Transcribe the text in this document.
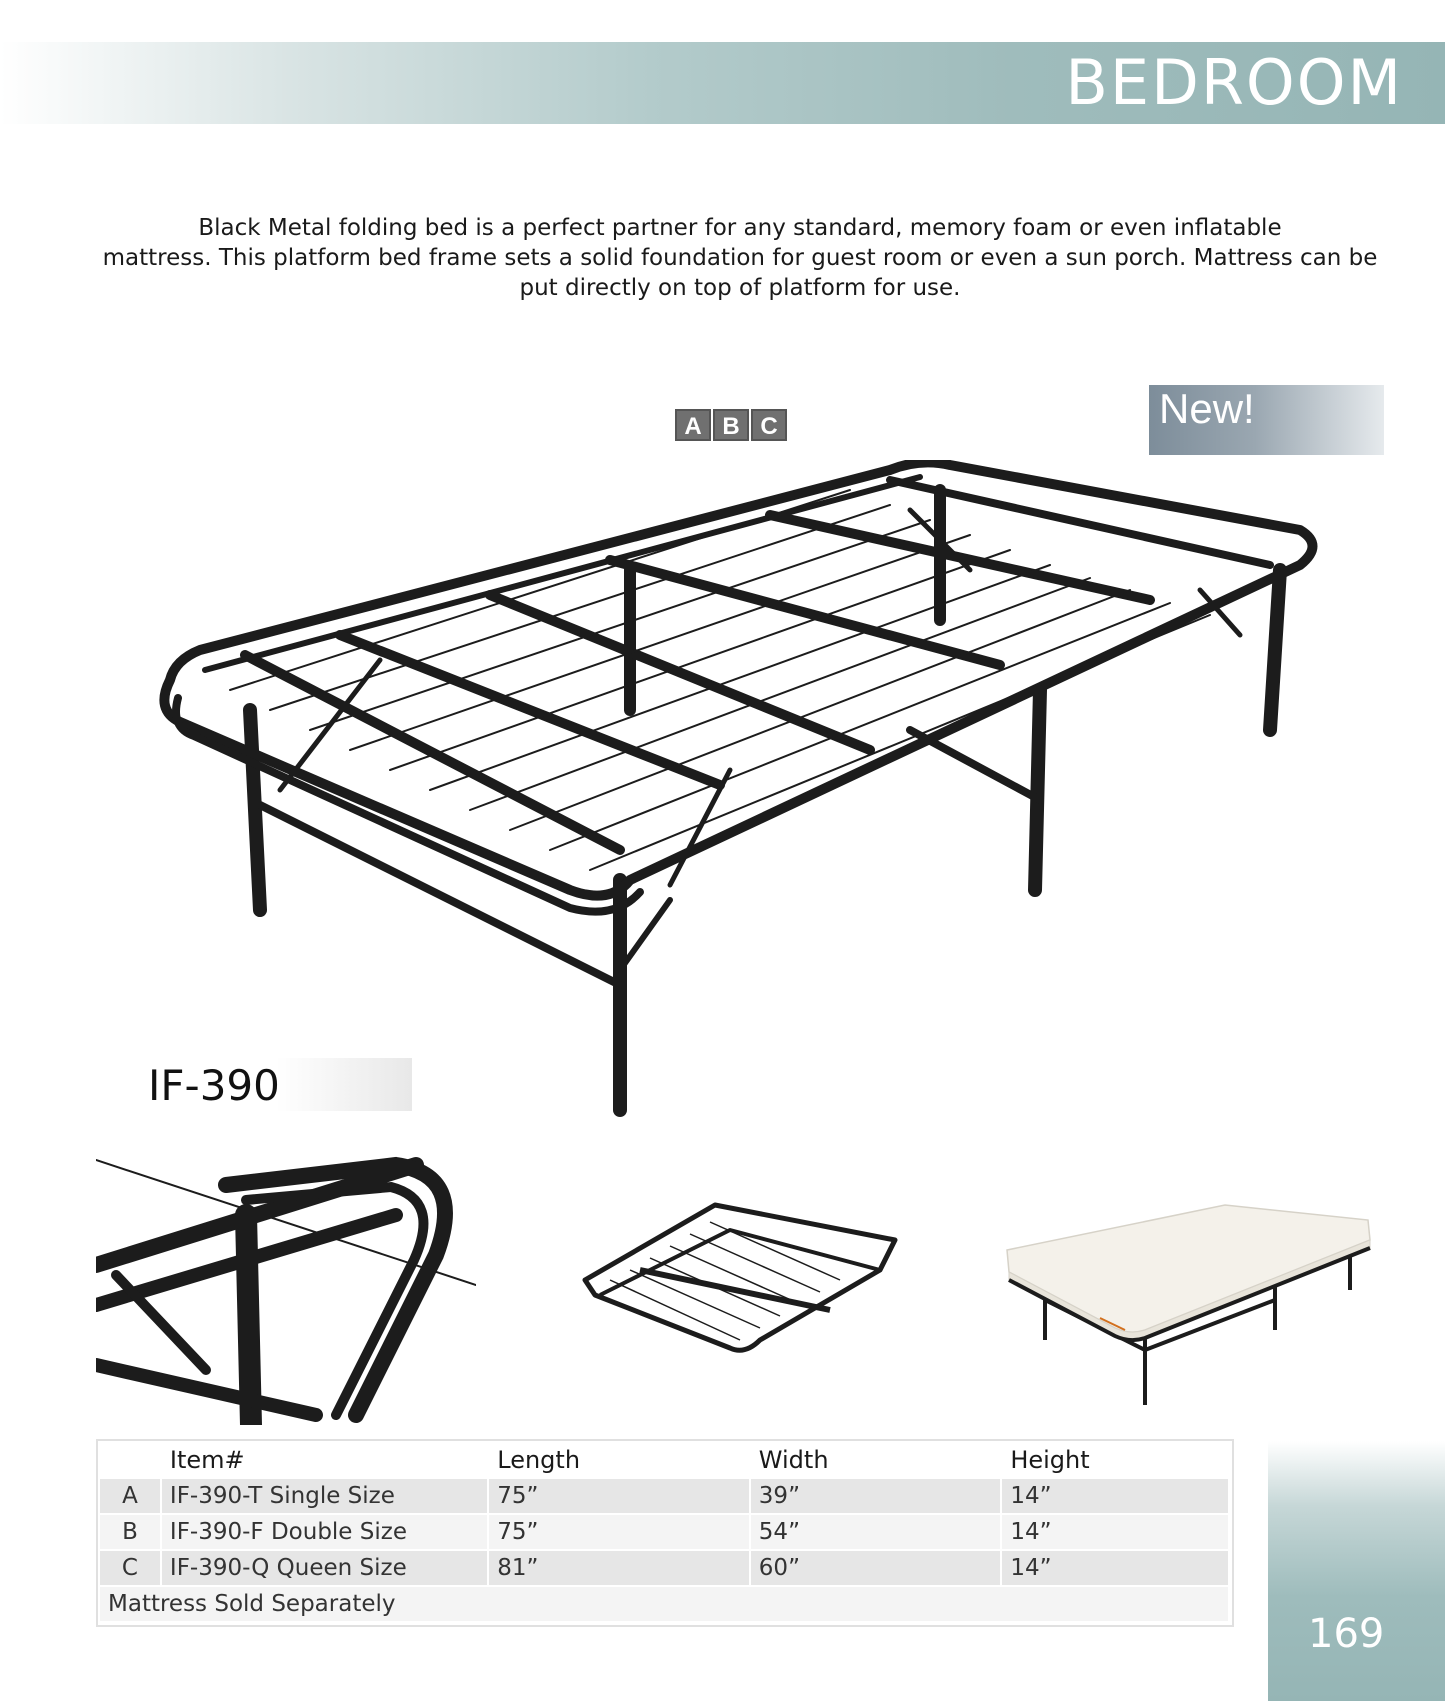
BEDROOM
Black Metal folding bed is a perfect partner for any standard, memory foam or even inflatable
mattress. This platform bed frame sets a solid foundation for guest room or even a sun porch. Mattress can be
put directly on top of platform for use.
A B C	New!
IF-390
	Item#	Length	Width	Height
A	IF-390-T Single Size	75”	39”	14”
B	IF-390-F Double Size	75”	54”	14”
C	IF-390-Q Queen Size	81”	60”	14”
Mattress Sold Separately				
169
